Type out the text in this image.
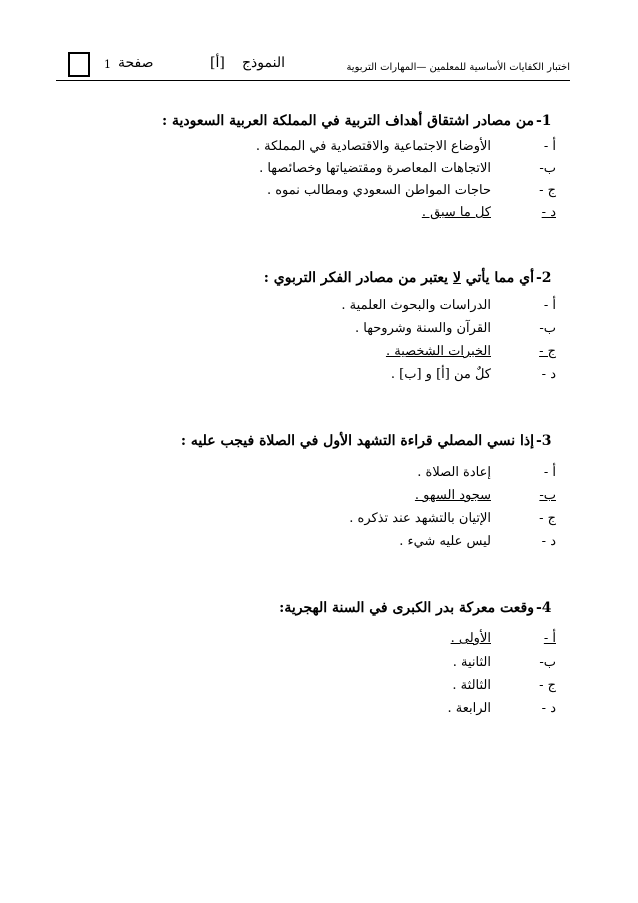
1 صفحة	[أ] النموذج	اختبار الكفايات الأساسية للمعلمين —المهارات التربوية
-1
من مصادر اشتقاق أهداف التربية في المملكة العربية السعودية :
أ -
الأوضاع الاجتماعية والاقتصادية في المملكة .
ب-
الاتجاهات المعاصرة ومقتضياتها وخصائصها .
ج -
حاجات المواطن السعودي ومطالب نموه .
د -
كل ما سبق .
-2
أي مما يأتي لا يعتبر من مصادر الفكر التربوي :
أ -
الدراسات والبحوث العلمية .
ب-
القرآن والسنة وشروحها .
ج -
الخبرات الشخصية .
د -
كلٌ من [أ] و [ب] .
-3
إذا نسي المصلي قراءة التشهد الأول في الصلاة فيجب عليه :
أ -
إعادة الصلاة .
ب-
سجود السهو .
ج -
الإتيان بالتشهد عند تذكره .
د -
ليس عليه شيء .
-4
وقعت معركة بدر الكبرى في السنة الهجرية:
أ -
الأولى .
ب-
الثانية .
ج -
الثالثة .
د -
الرابعة .
